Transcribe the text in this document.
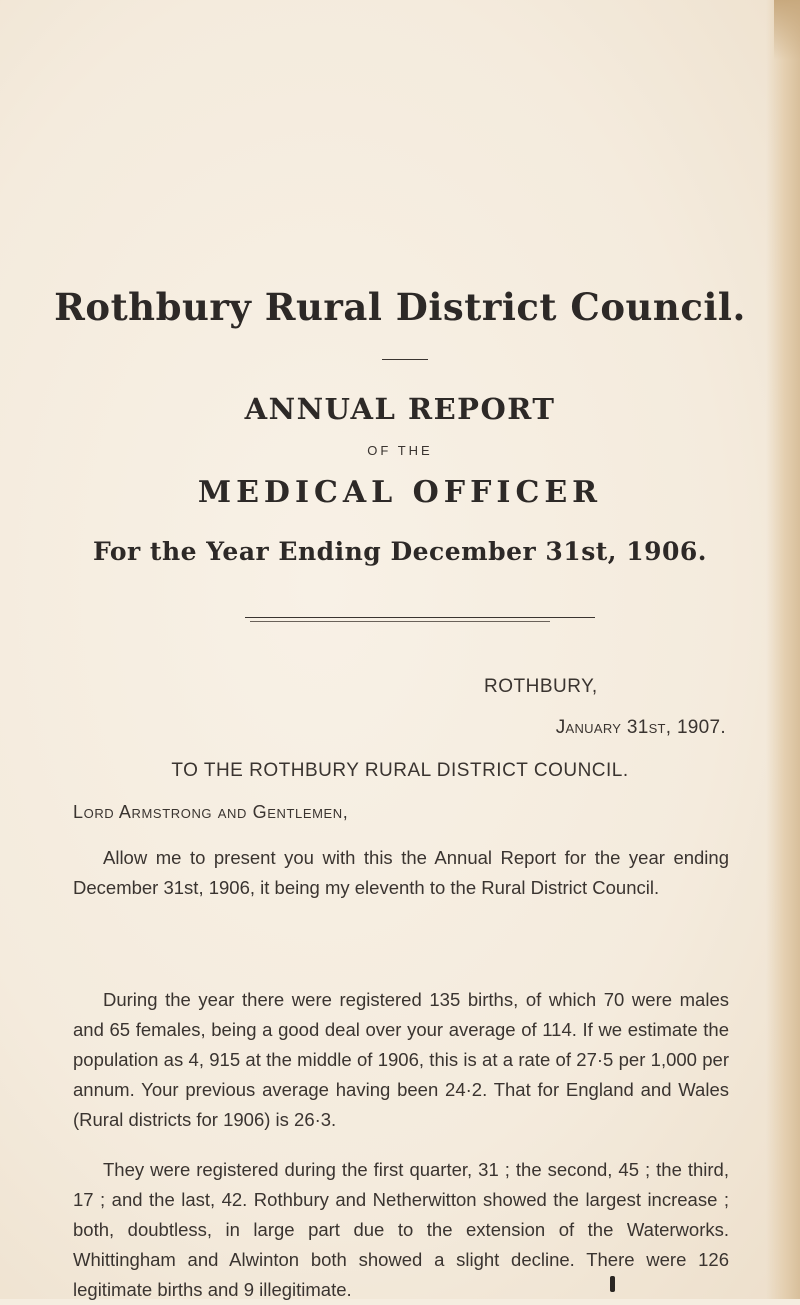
Rothbury Rural District Council.
ANNUAL REPORT
OF THE
MEDICAL OFFICER
For the Year Ending December 31st, 1906.
ROTHBURY,
January 31st, 1907.
TO THE ROTHBURY RURAL DISTRICT COUNCIL.
Lord Armstrong and Gentlemen,

Allow me to present you with this the Annual Report for the year ending December 31st, 1906, it being my eleventh to the Rural District Council.

During the year there were registered 135 births, of which 70 were males and 65 females, being a good deal over your average of 114. If we estimate the population as 4, 915 at the middle of 1906, this is at a rate of 27·5 per 1,000 per annum. Your previous average having been 24·2. That for England and Wales (Rural districts for 1906) is 26·3.

They were registered during the first quarter, 31 ; the second, 45 ; the third, 17 ; and the last, 42. Rothbury and Netherwitton showed the largest increase ; both, doubtless, in large part due to the extension of the Waterworks. Whittingham and Alwinton both showed a slight decline. There were 126 legitimate births and 9 illegitimate.
